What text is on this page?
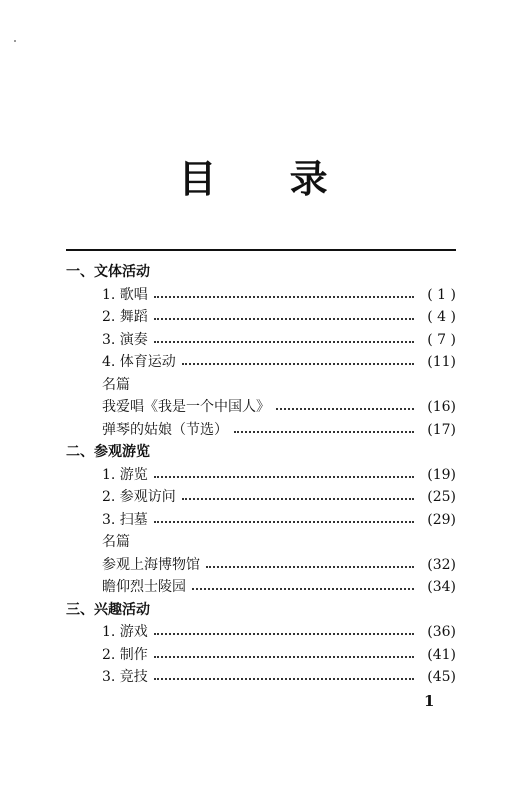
目 录
一、文体活动
1. 歌唱	( 1 )
2. 舞蹈	( 4 )
3. 演奏	( 7 )
4. 体育运动	(11)
名篇
我爱唱《我是一个中国人》	(16)
弹琴的姑娘（节选）	(17)
二、参观游览
1. 游览	(19)
2. 参观访问	(25)
3. 扫墓	(29)
名篇
参观上海博物馆	(32)
瞻仰烈士陵园	(34)
三、兴趣活动
1. 游戏	(36)
2. 制作	(41)
3. 竞技	(45)
1
